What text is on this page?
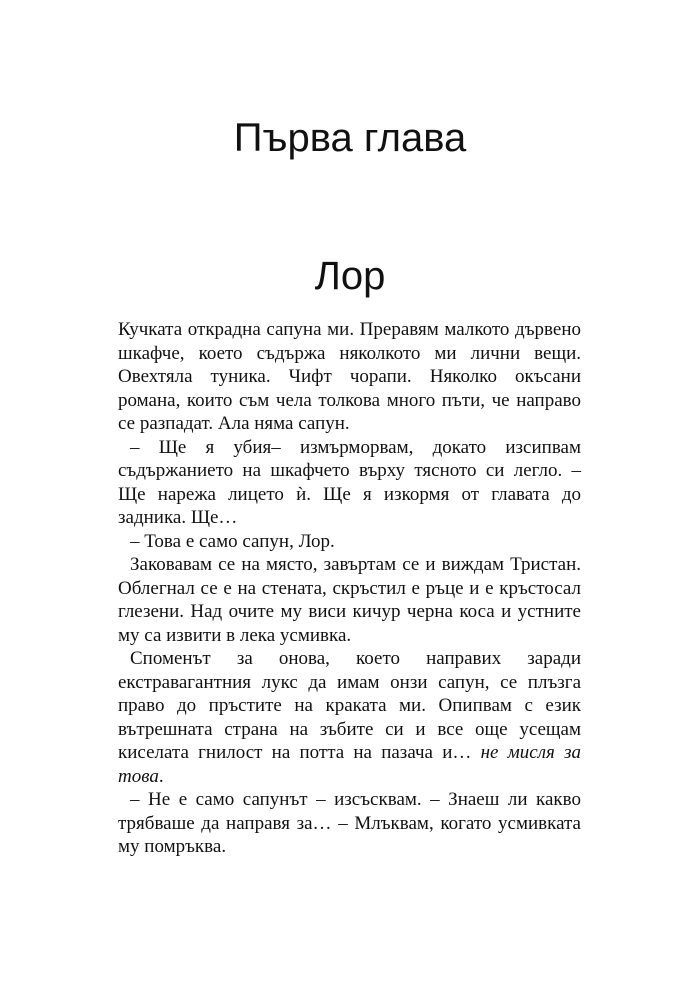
Първа глава
Лор

Кучката открадна сапуна ми. Преравям малкото дървено шкафче, което съдържа няколкото ми лични вещи. Овехтяла туника. Чифт чорапи. Няколко окъсани романа, които съм чела толкова много пъти, че направо се разпадат. Ала няма сапун.

– Ще я убия– измърморвам, докато изсипвам съдържанието на шкафчето върху тясното си легло. – Ще нарежа лицето ѝ. Ще я изкормя от главата до задника. Ще…

– Това е само сапун, Лор.

Заковавам се на място, завъртам се и виждам Тристан. Облегнал се е на стената, скръстил е ръце и е кръстосал глезени. Над очите му виси кичур черна коса и устните му са извити в лека усмивка.

Споменът за онова, което направих заради екстравагантния лукс да имам онзи сапун, се плъзга право до пръстите на краката ми. Опипвам с език вътрешната страна на зъбите си и все още усещам киселата гнилост на потта на пазача и… не мисля за това.

– Не е само сапунът – изсъсквам. – Знаеш ли какво трябваше да направя за… – Млъквам, когато усмивката му помръква.
